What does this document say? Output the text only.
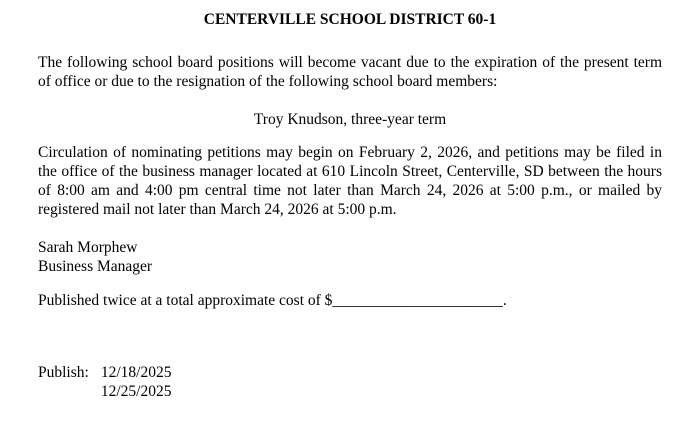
CENTERVILLE SCHOOL DISTRICT 60-1

The following school board positions will become vacant due to the expiration of the present term of office or due to the resignation of the following school board members:

Troy Knudson, three-year term

Circulation of nominating petitions may begin on February 2, 2026, and petitions may be filed in the office of the business manager located at 610 Lincoln Street, Centerville, SD between the hours of 8:00 am and 4:00 pm central time not later than March 24, 2026 at 5:00 p.m., or mailed by registered mail not later than March 24, 2026 at 5:00 p.m.

Sarah Morphew

Business Manager

Published twice at a total approximate cost of $______________________.

Publish: 12/18/2025
12/25/2025
